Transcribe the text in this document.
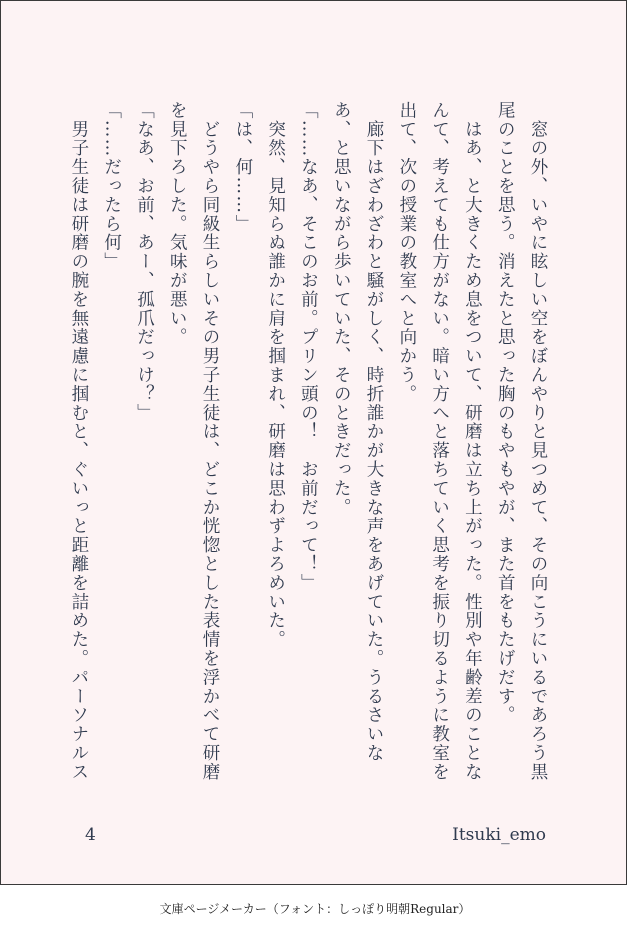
　窓の外、いやに眩しい空をぼんやりと見つめて、その向こうにいるであろう黒尾のことを思う。消えたと思った胸のもやもやが、また首をもたげだす。
　はあ、と大きくため息をついて、研磨は立ち上がった。性別や年齢差のことなんて、考えても仕方がない。暗い方へと落ちていく思考を振り切るように教室を出て、次の授業の教室へと向かう。
　廊下はざわざわと騒がしく、時折誰かが大きな声をあげていた。うるさいなあ、と思いながら歩いていた、そのときだった。
「……なあ、そこのお前。プリン頭の！　お前だって！」
　突然、見知らぬ誰かに肩を掴まれ、研磨は思わずよろめいた。
「は、何……」
　どうやら同級生らしいその男子生徒は、どこか恍惚とした表情を浮かべて研磨を見下ろした。気味が悪い。
「なあ、お前、あー、孤爪だっけ？」
「……だったら何」
　男子生徒は研磨の腕を無遠慮に掴むと、ぐいっと距離を詰めた。パーソナルス
4	Itsuki_emo
文庫ページメーカー（フォント：しっぽり明朝Regular）
